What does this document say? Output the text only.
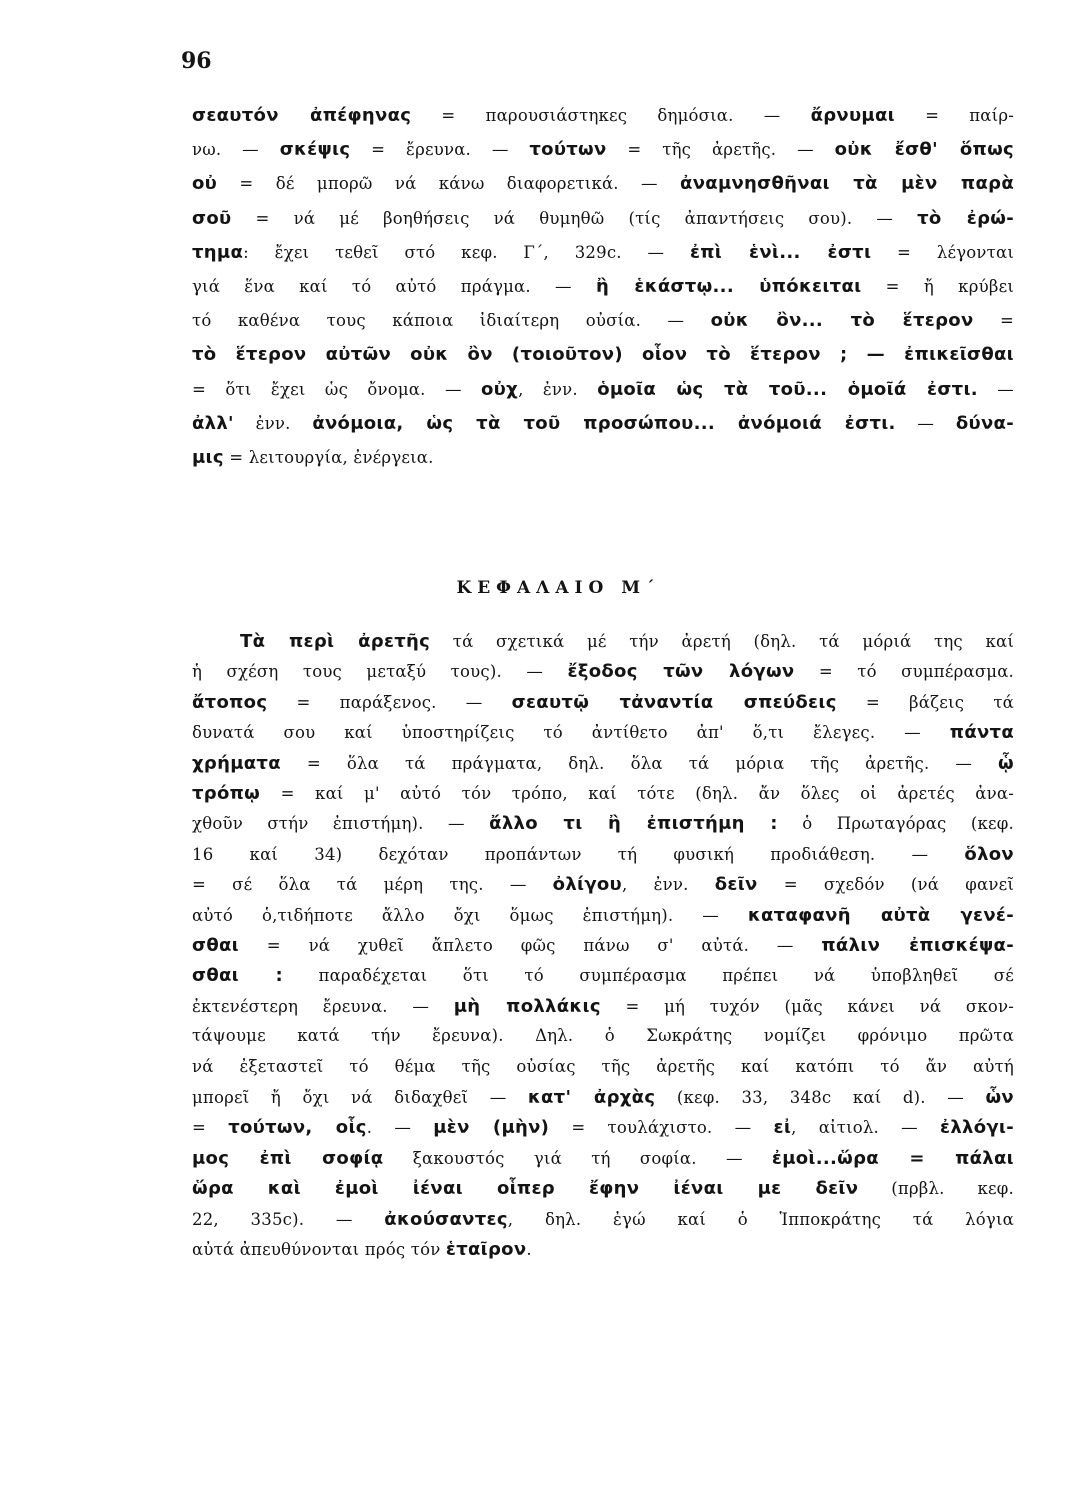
96

σεαυτόν ἀπέφηνας = παρουσιάστηκες δημόσια. — ἄρνυμαι = παίρ-
νω. — σκέψις = ἔρευνα. — τούτων = τῆς ἀρετῆς. — οὐκ ἔσθ' ὅπως
οὐ = δέ μπορῶ νά κάνω διαφορετικά. — ἀναμνησθῆναι τὰ μὲν παρὰ
σοῦ = νά μέ βοηθήσεις νά θυμηθῶ (τίς ἀπαντήσεις σου). — τὸ ἐρώ-
τημα: ἔχει τεθεῖ στό κεφ. Γ΄, 329c. — ἐπὶ ἑνὶ... ἐστι = λέγονται
γιά ἕνα καί τό αὐτό πράγμα. — ἢ ἑκάστῳ... ὑπόκειται = ἤ κρύβει
τό καθένα τους κάποια ἰδιαίτερη οὐσία. — οὐκ ὂν... τὸ ἕτερον =
τὸ ἕτερον αὐτῶν οὐκ ὂν (τοιοῦτον) οἷον τὸ ἕτερον ; — ἐπικεῖσθαι
= ὅτι ἔχει ὡς ὄνομα. — οὐχ, ἐνν. ὁμοῖα ὡς τὰ τοῦ... ὁμοῖά ἐστι. —
ἀλλ' ἐνν. ἀνόμοια, ὡς τὰ τοῦ προσώπου... ἀνόμοιά ἐστι. — δύνα-
μις = λειτουργία, ἐνέργεια.
ΚΕΦΑΛΑΙΟ Μ΄
Τὰ περὶ ἀρετῆς τά σχετικά μέ τήν ἀρετή (δηλ. τά μόριά της καί
ἡ σχέση τους μεταξύ τους). — ἔξοδος τῶν λόγων = τό συμπέρασμα.
ἄτοπος = παράξενος. — σεαυτῷ τἀναντία σπεύδεις = βάζεις τά
δυνατά σου καί ὑποστηρίζεις τό ἀντίθετο ἀπ' ὅ,τι ἔλεγες. — πάντα
χρήματα = ὅλα τά πράγματα, δηλ. ὅλα τά μόρια τῆς ἀρετῆς. — ᾧ
τρόπῳ = καί μ' αὐτό τόν τρόπο, καί τότε (δηλ. ἄν ὅλες οἱ ἀρετές ἀνα-
χθοῦν στήν ἐπιστήμη). — ἄλλο τι ἢ ἐπιστήμη : ὁ Πρωταγόρας (κεφ.
16 καί 34) δεχόταν προπάντων τή φυσική προδιάθεση. — ὅλον
= σέ ὅλα τά μέρη της. — ὀλίγου, ἐνν. δεῖν = σχεδόν (νά φανεῖ
αὐτό ὁ,τιδήποτε ἄλλο ὄχι ὅμως ἐπιστήμη). — καταφανῆ αὐτὰ γενέ-
σθαι = νά χυθεῖ ἄπλετο φῶς πάνω σ' αὐτά. — πάλιν ἐπισκέψα-
σθαι : παραδέχεται ὅτι τό συμπέρασμα πρέπει νά ὑποβληθεῖ σέ
ἐκτενέστερη ἔρευνα. — μὴ πολλάκις = μή τυχόν (μᾶς κάνει νά σκον-
τάψουμε κατά τήν ἔρευνα). Δηλ. ὁ Σωκράτης νομίζει φρόνιμο πρῶτα
νά ἐξεταστεῖ τό θέμα τῆς οὐσίας τῆς ἀρετῆς καί κατόπι τό ἄν αὐτή
μπορεῖ ἤ ὄχι νά διδαχθεῖ — κατ' ἀρχὰς (κεφ. 33, 348c καί d). — ὧν
= τούτων, οἷς. — μὲν (μὴν) = τουλάχιστο. — εἰ, αἰτιολ. — ἐλλόγι-
μος ἐπὶ σοφίᾳ ξακουστός γιά τή σοφία. — ἐμοὶ...ὥρα = πάλαι
ὥρα καὶ ἐμοὶ ἰέναι οἷπερ ἔφην ἰέναι με δεῖν (πρβλ. κεφ.
22, 335c). — ἀκούσαντες, δηλ. ἐγώ καί ὁ Ἱπποκράτης τά λόγια
αὐτά ἀπευθύνονται πρός τόν ἑταῖρον.
